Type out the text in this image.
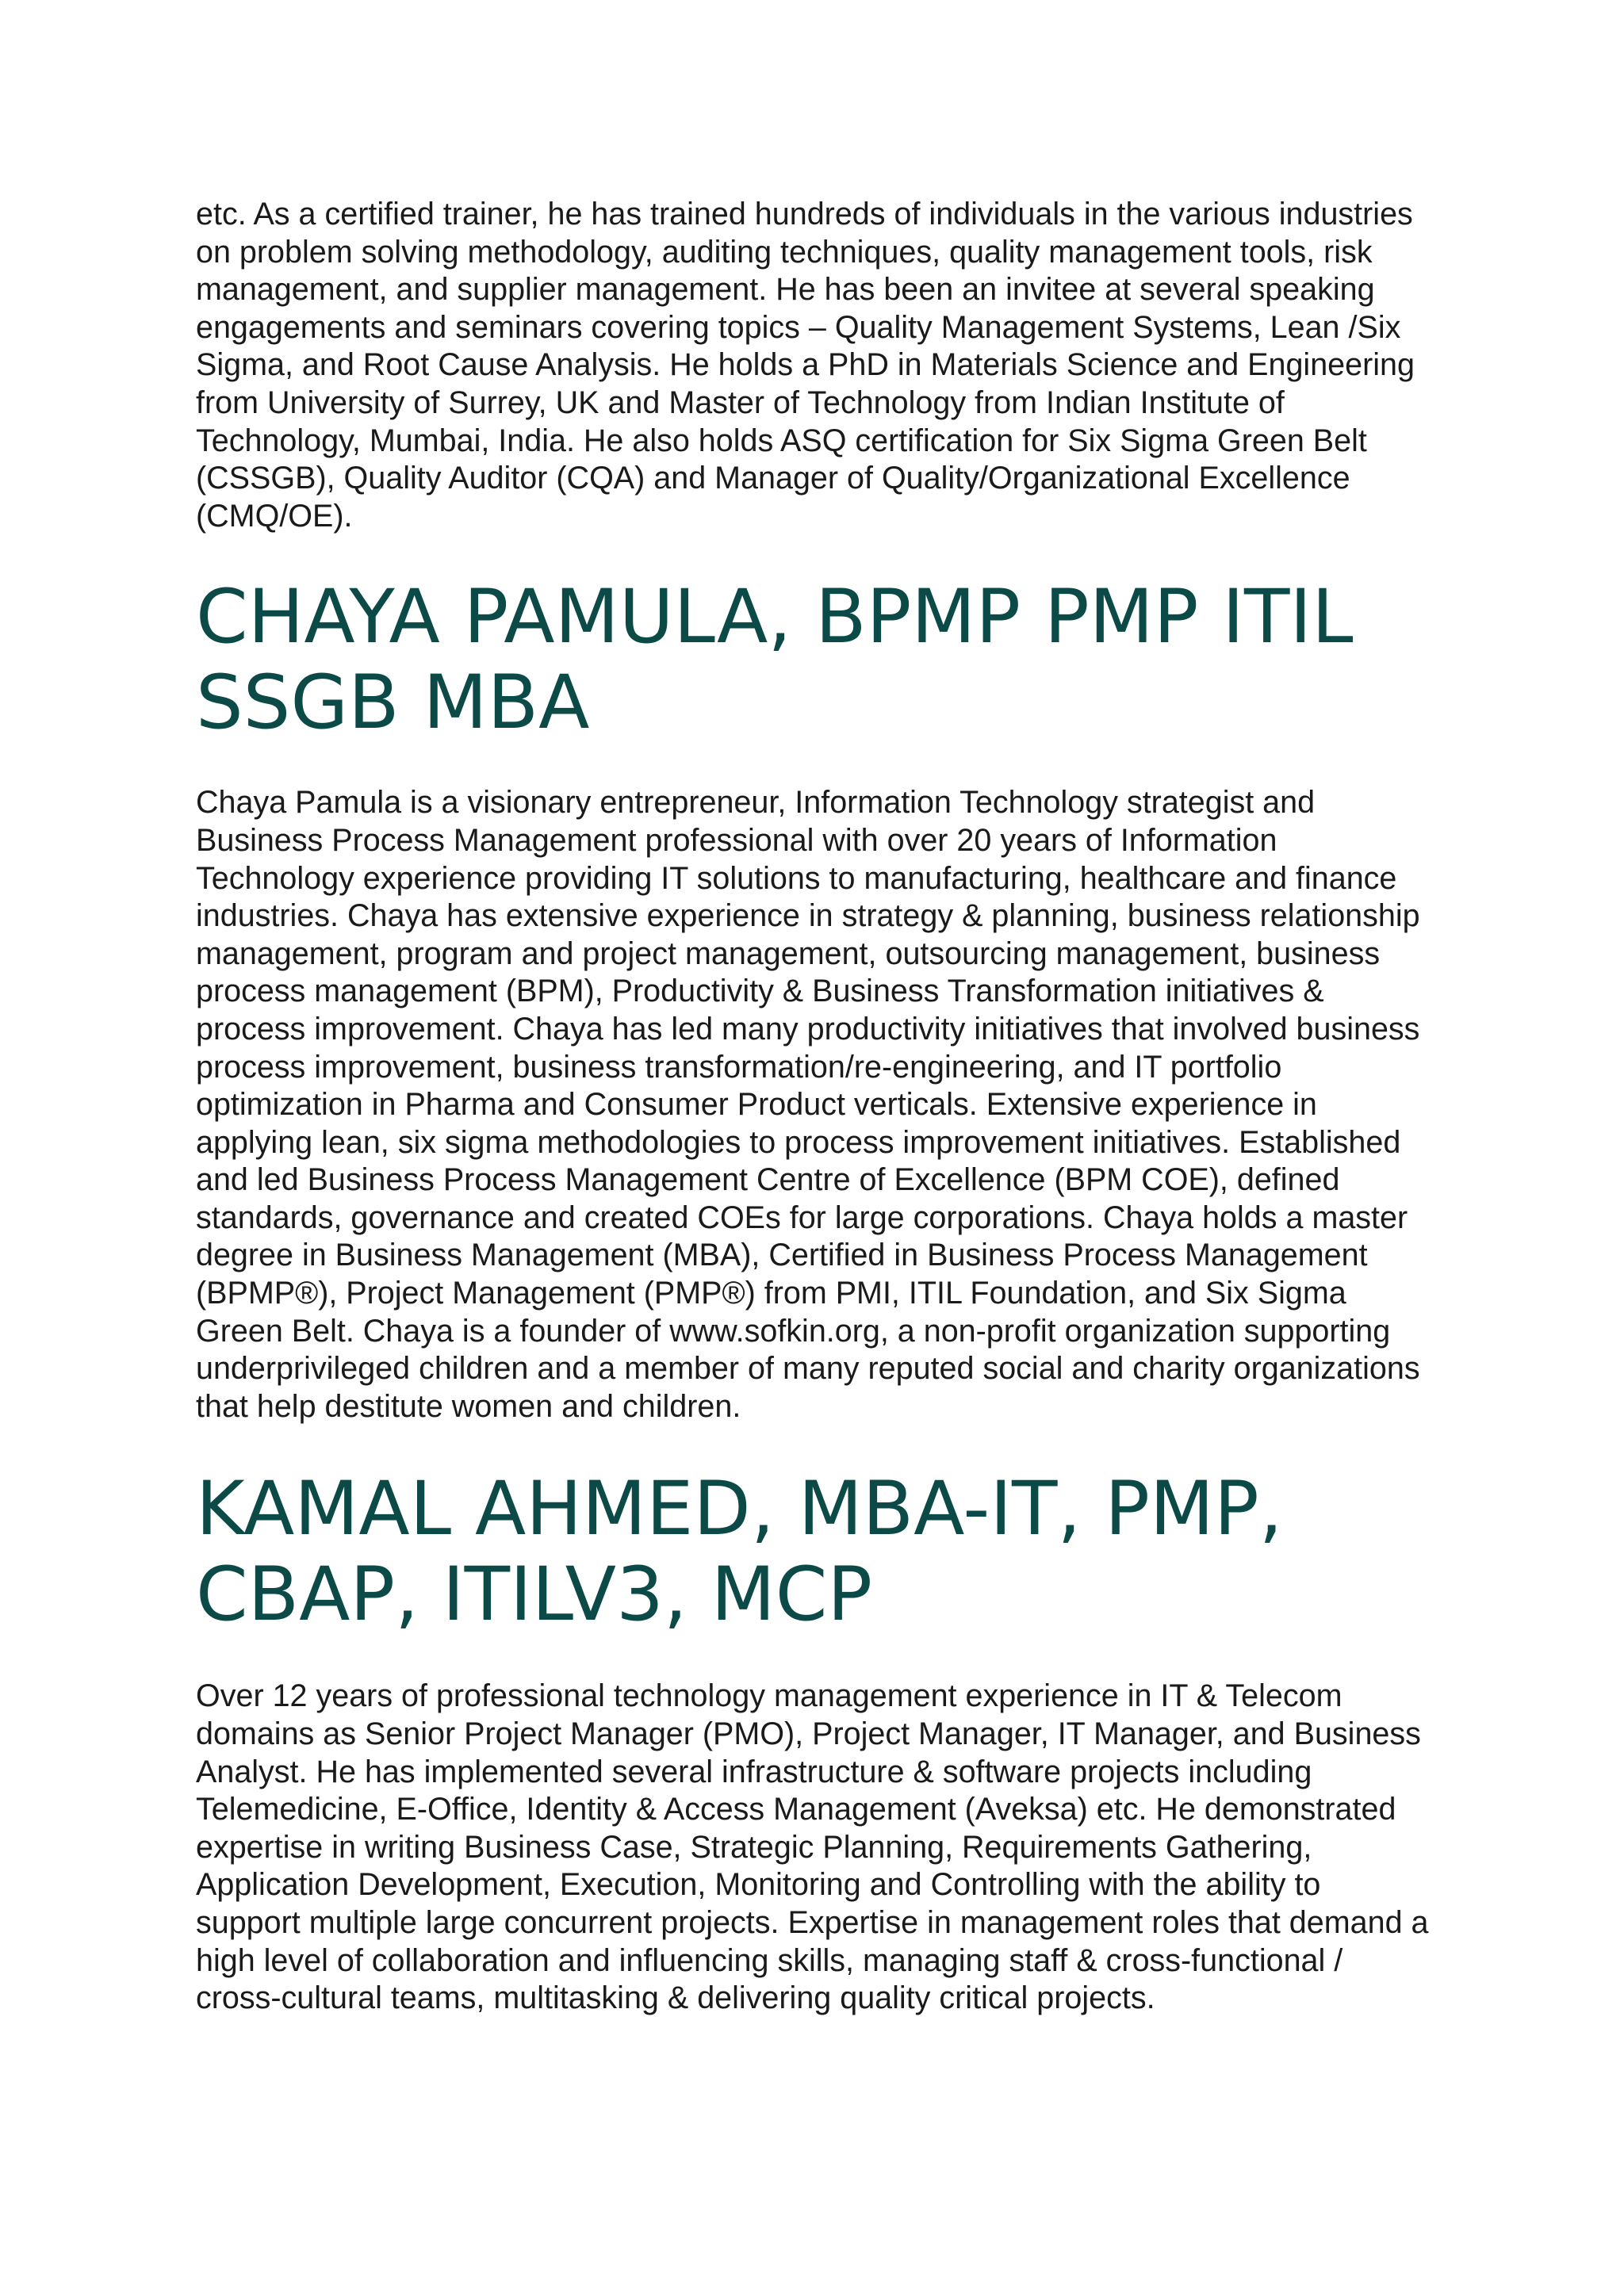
etc. As a certified trainer, he has trained hundreds of individuals in the various industries on problem solving methodology, auditing techniques, quality management tools, risk management, and supplier management. He has been an invitee at several speaking engagements and seminars covering topics – Quality Management Systems, Lean /Six Sigma, and Root Cause Analysis. He holds a PhD in Materials Science and Engineering from University of Surrey, UK and Master of Technology from Indian Institute of Technology, Mumbai, India. He also holds ASQ certification for Six Sigma Green Belt (CSSGB), Quality Auditor (CQA) and Manager of Quality/Organizational Excellence (CMQ/OE).

CHAYA PAMULA, BPMP PMP ITIL SSGB MBA

Chaya Pamula is a visionary entrepreneur, Information Technology strategist and Business Process Management professional with over 20 years of Information Technology experience providing IT solutions to manufacturing, healthcare and finance industries. Chaya has extensive experience in strategy & planning, business relationship management, program and project management, outsourcing management, business process management (BPM), Productivity & Business Transformation initiatives & process improvement. Chaya has led many productivity initiatives that involved business process improvement, business transformation/re-engineering, and IT portfolio optimization in Pharma and Consumer Product verticals. Extensive experience in applying lean, six sigma methodologies to process improvement initiatives. Established and led Business Process Management Centre of Excellence (BPM COE), defined standards, governance and created COEs for large corporations. Chaya holds a master degree in Business Management (MBA), Certified in Business Process Management (BPMP®), Project Management (PMP®) from PMI, ITIL Foundation, and Six Sigma Green Belt. Chaya is a founder of www.sofkin.org, a non-profit organization supporting underprivileged children and a member of many reputed social and charity organizations that help destitute women and children.

KAMAL AHMED, MBA-IT, PMP, CBAP, ITILV3, MCP

Over 12 years of professional technology management experience in IT & Telecom domains as Senior Project Manager (PMO), Project Manager, IT Manager, and Business Analyst. He has implemented several infrastructure & software projects including Telemedicine, E-Office, Identity & Access Management (Aveksa) etc. He demonstrated expertise in writing Business Case, Strategic Planning, Requirements Gathering, Application Development, Execution, Monitoring and Controlling with the ability to support multiple large concurrent projects. Expertise in management roles that demand a high level of collaboration and influencing skills, managing staff & cross-functional / cross-cultural teams, multitasking & delivering quality critical projects.
